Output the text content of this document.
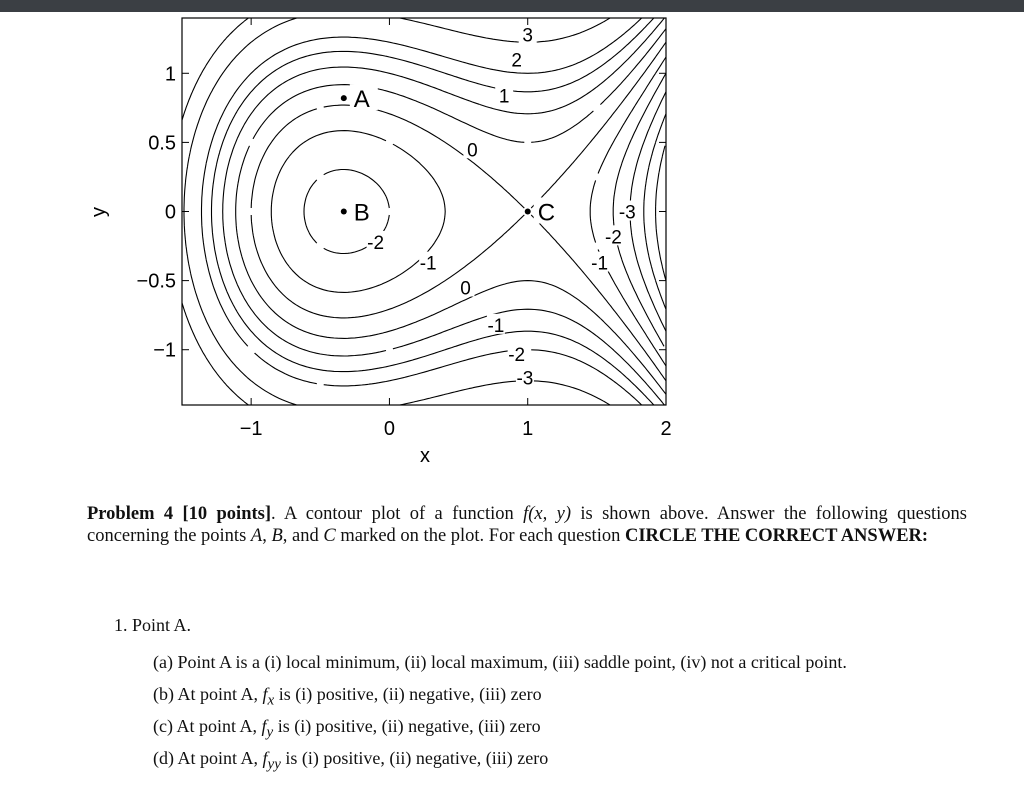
3
2
1
0
-2
-1
0
-1
-2
-3
-3
-2
-1
−1	0	1	2
1
0.5
0
−0.5
−1
A
B	C
x
y
Problem 4 [10 points]. A contour plot of a function f(x, y) is shown above. Answer the following questions concerning the points A, B, and C marked on the plot. For each question CIRCLE THE CORRECT ANSWER:
1. Point A.
(a) Point A is a (i) local minimum, (ii) local maximum, (iii) saddle point, (iv) not a critical point.
(b) At point A, $f_x$ is (i) positive, (ii) negative, (iii) zero
(c) At point A, $f_y$ is (i) positive, (ii) negative, (iii) zero
(d) At point A, $f_{yy}$ is (i) positive, (ii) negative, (iii) zero
